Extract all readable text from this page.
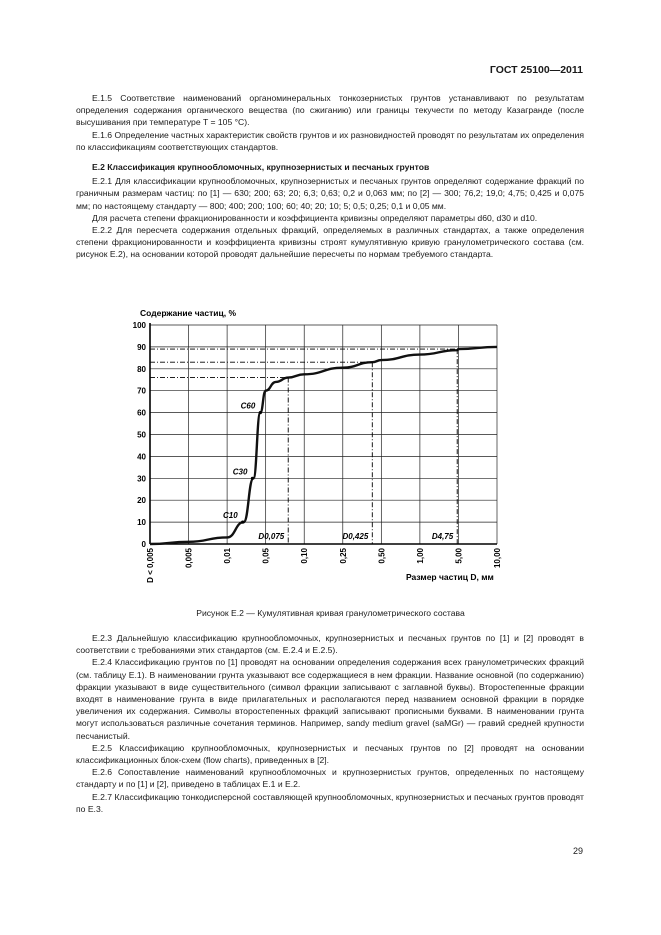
ГОСТ 25100—2011

Е.1.5 Соответствие наименований органоминеральных тонкозернистых грунтов устанавливают по результатам определения содержания органического вещества (по сжиганию) или границы текучести по методу Казагранде (после высушивания при температуре T = 105 °C).

Е.1.6 Определение частных характеристик свойств грунтов и их разновидностей проводят по результатам их определения по классификациям соответствующих стандартов.

Е.2 Классификация крупнообломочных, крупнозернистых и песчаных грунтов

Е.2.1 Для классификации крупнообломочных, крупнозернистых и песчаных грунтов определяют содержание фракций по граничным размерам частиц: по [1] — 630; 200; 63; 20; 6,3; 0,63; 0,2 и 0,063 мм; по [2] — 300; 76,2; 19,0; 4,75; 0,425 и 0,075 мм; по настоящему стандарту — 800; 400; 200; 100; 60; 40; 20; 10; 5; 0,5; 0,25; 0,1 и 0,05 мм.

Для расчета степени фракционированности и коэффициента кривизны определяют параметры d60, d30 и d10.

Е.2.2 Для пересчета содержания отдельных фракций, определяемых в различных стандартах, а также определения степени фракционированности и коэффициента кривизны строят кумулятивную кривую гранулометрического состава (см. рисунок Е.2), на основании которой проводят дальнейшие пересчеты по нормам требуемого стандарта.

Содержание частиц, %
Размер частиц D, мм
0
10
20
30
40
50
60
70
80
90
100
D < 0,005	0,005	0,01	0,05	0,10	0,25	0,50	1,00	5,00	10,00
D0,075	D0,425	D4,75
C10
C30
C60
Рисунок Е.2 — Кумулятивная кривая гранулометрического состава

Е.2.3 Дальнейшую классификацию крупнообломочных, крупнозернистых и песчаных грунтов по [1] и [2] проводят в соответствии с требованиями этих стандартов (см. Е.2.4 и Е.2.5).

Е.2.4 Классификацию грунтов по [1] проводят на основании определения содержания всех гранулометрических фракций (см. таблицу Е.1). В наименовании грунта указывают все содержащиеся в нем фракции. Название основной (по содержанию) фракции указывают в виде существительного (символ фракции записывают с заглавной буквы). Второстепенные фракции входят в наименование грунта в виде прилагательных и располагаются перед названием основной фракции в порядке увеличения их содержания. Символы второстепенных фракций записывают прописными буквами. В наименовании грунта могут использоваться различные сочетания терминов. Например, sandy medium gravel (saMGr) — гравий средней крупности песчанистый.

Е.2.5 Классификацию крупнообломочных, крупнозернистых и песчаных грунтов по [2] проводят на основании классификационных блок-схем (flow charts), приведенных в [2].

Е.2.6 Сопоставление наименований крупнообломочных и крупнозернистых грунтов, определенных по настоящему стандарту и по [1] и [2], приведено в таблицах Е.1 и Е.2.

Е.2.7 Классификацию тонкодисперсной составляющей крупнообломочных, крупнозернистых и песчаных грунтов проводят по Е.3.

29
